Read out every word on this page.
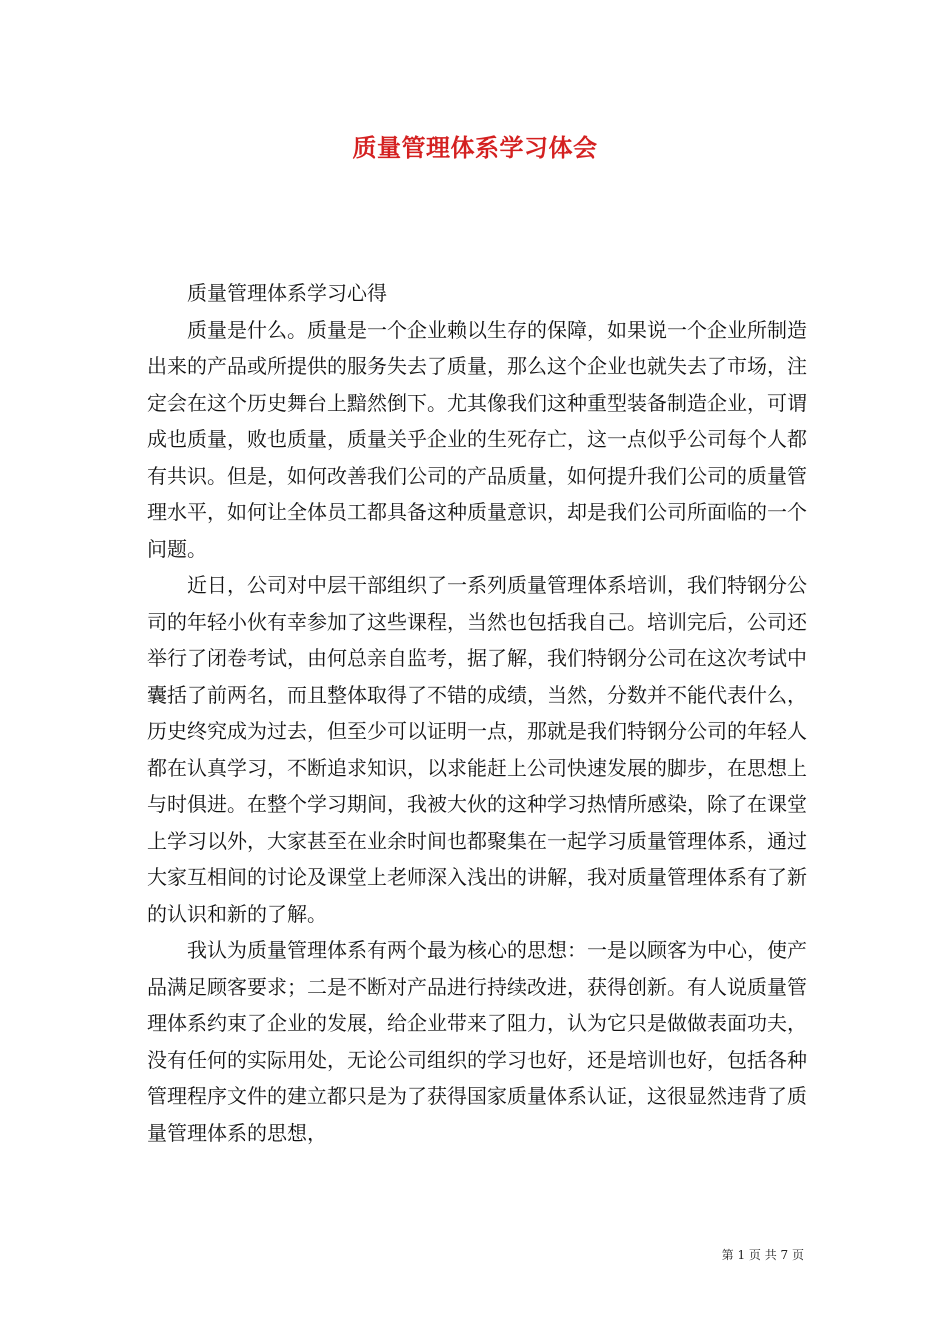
质量管理体系学习体会

质量管理体系学习心得

质量是什么。质量是一个企业赖以生存的保障，如果说一个企业所制造出来的产品或所提供的服务失去了质量，那么这个企业也就失去了市场，注定会在这个历史舞台上黯然倒下。尤其像我们这种重型装备制造企业，可谓成也质量，败也质量，质量关乎企业的生死存亡，这一点似乎公司每个人都有共识。但是，如何改善我们公司的产品质量，如何提升我们公司的质量管理水平，如何让全体员工都具备这种质量意识，却是我们公司所面临的一个问题。

近日，公司对中层干部组织了一系列质量管理体系培训，我们特钢分公司的年轻小伙有幸参加了这些课程，当然也包括我自己。培训完后，公司还举行了闭卷考试，由何总亲自监考，据了解，我们特钢分公司在这次考试中囊括了前两名，而且整体取得了不错的成绩，当然，分数并不能代表什么，历史终究成为过去，但至少可以证明一点，那就是我们特钢分公司的年轻人都在认真学习，不断追求知识，以求能赶上公司快速发展的脚步，在思想上与时俱进。在整个学习期间，我被大伙的这种学习热情所感染，除了在课堂上学习以外，大家甚至在业余时间也都聚集在一起学习质量管理体系，通过大家互相间的讨论及课堂上老师深入浅出的讲解，我对质量管理体系有了新的认识和新的了解。

我认为质量管理体系有两个最为核心的思想：一是以顾客为中心，使产品满足顾客要求；二是不断对产品进行持续改进，获得创新。有人说质量管理体系约束了企业的发展，给企业带来了阻力，认为它只是做做表面功夫，没有任何的实际用处，无论公司组织的学习也好，还是培训也好，包括各种管理程序文件的建立都只是为了获得国家质量体系认证，这很显然违背了质量管理体系的思想，

第 1 页 共 7 页
